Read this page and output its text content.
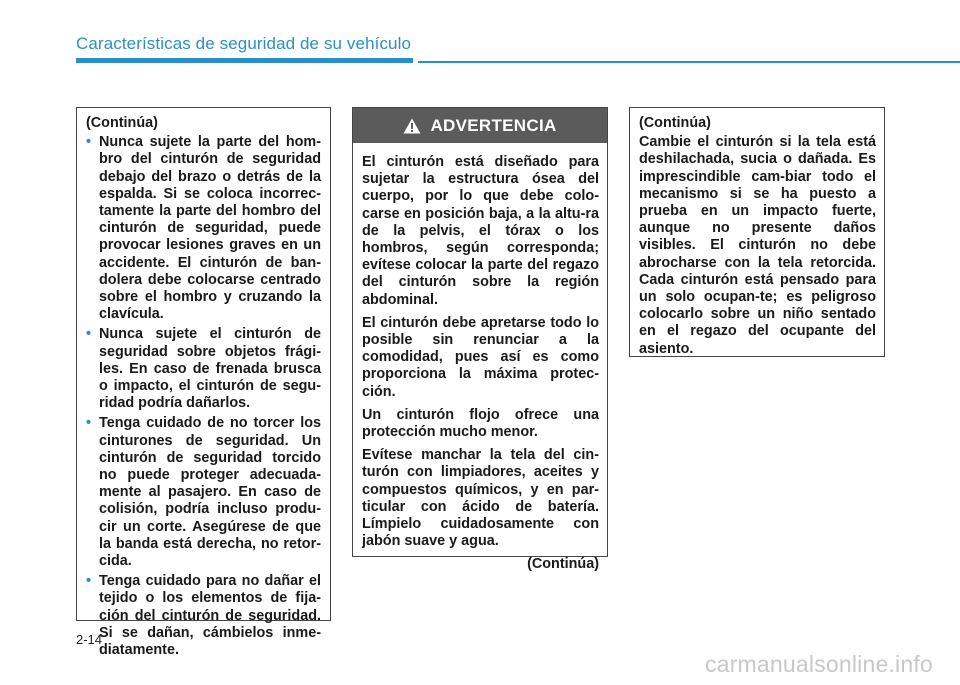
Características de seguridad de su vehículo
(Continúa)
• Nunca sujete la parte del hom-bro del cinturón de seguridad debajo del brazo o detrás de la espalda. Si se coloca incorrec-tamente la parte del hombro del cinturón de seguridad, puede provocar lesiones graves en un accidente. El cinturón de ban-dolera debe colocarse centrado sobre el hombro y cruzando la clavícula.
• Nunca sujete el cinturón de seguridad sobre objetos frági-les. En caso de frenada brusca o impacto, el cinturón de segu-ridad podría dañarlos.
• Tenga cuidado de no torcer los cinturones de seguridad. Un cinturón de seguridad torcido no puede proteger adecuada-mente al pasajero. En caso de colisión, podría incluso produ-cir un corte. Asegúrese de que la banda está derecha, no retor-cida.
• Tenga cuidado para no dañar el tejido o los elementos de fija-ción del cinturón de seguridad. Si se dañan, cámbielos inme-diatamente.
ADVERTENCIA

El cinturón está diseñado para sujetar la estructura ósea del cuerpo, por lo que debe colo-carse en posición baja, a la altu-ra de la pelvis, el tórax o los hombros, según corresponda; evítese colocar la parte del regazo del cinturón sobre la región abdominal.

El cinturón debe apretarse todo lo posible sin renunciar a la comodidad, pues así es como proporciona la máxima protec-ción.

Un cinturón flojo ofrece una protección mucho menor.

Evítese manchar la tela del cin-turón con limpiadores, aceites y compuestos químicos, y en par-ticular con ácido de batería. Límpielo cuidadosamente con jabón suave y agua.

(Continúa)

(Continúa)

Cambie el cinturón si la tela está deshilachada, sucia o dañada. Es imprescindible cam-biar todo el mecanismo si se ha puesto a prueba en un impacto fuerte, aunque no presente daños visibles. El cinturón no debe abrocharse con la tela retorcida. Cada cinturón está pensado para un solo ocupan-te; es peligroso colocarlo sobre un niño sentado en el regazo del ocupante del asiento.

2-14
carmanualsonline.info
